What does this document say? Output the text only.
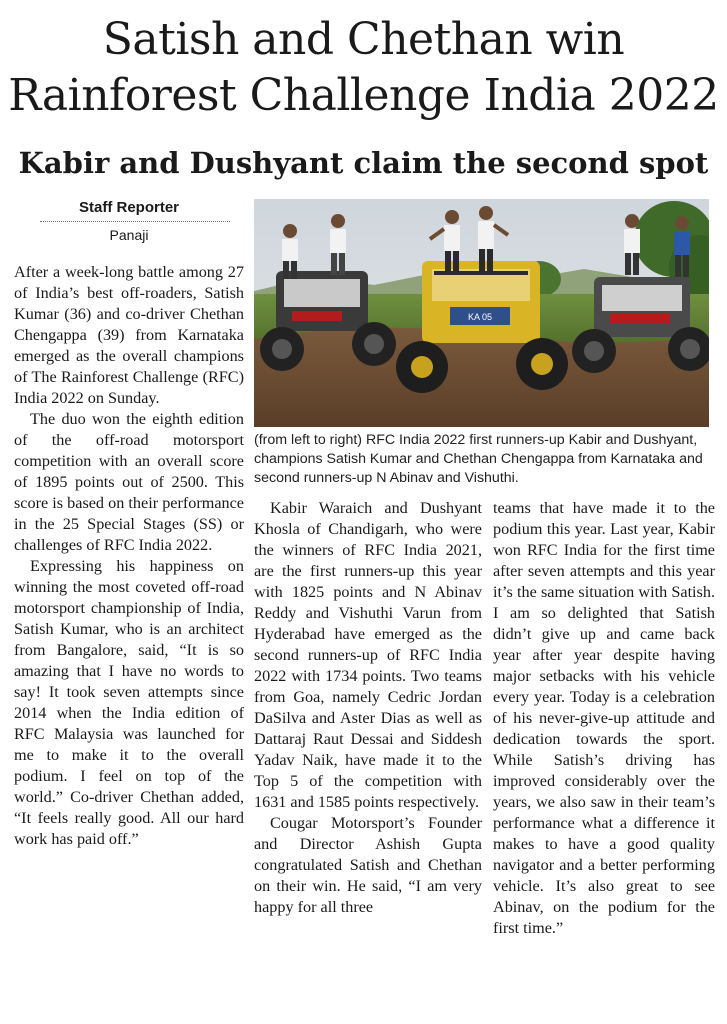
Satish and Chethan win
Rainforest Challenge India 2022
Kabir and Dushyant claim the second spot
Staff Reporter
Panaji
KA 05
(from left to right) RFC India 2022 first runners-up Kabir and Dushyant, champions Satish Kumar and Chethan Chengappa from Karnataka and second runners-up N Abinav and Vishuthi.

After a week-long battle among 27 of India’s best off-roaders, Satish Kumar (36) and co-driver Chethan Chengappa (39) from Karnataka emerged as the overall champions of The Rainforest Challenge (RFC) India 2022 on Sunday.

The duo won the eighth edition of the off-road motorsport competition with an overall score of 1895 points out of 2500. This score is based on their performance in the 25 Special Stages (SS) or challenges of RFC India 2022.

Expressing his happiness on winning the most coveted off-road motorsport championship of India, Satish Kumar, who is an architect from Bangalore, said, “It is so amazing that I have no words to say! It took seven attempts since 2014 when the India edition of RFC Malaysia was launched for me to make it to the overall podium. I feel on top of the world.” Co-driver Chethan added, “It feels really good. All our hard work has paid off.”

Kabir Waraich and Dushyant Khosla of Chandigarh, who were the winners of RFC India 2021, are the first runners-up this year with 1825 points and N Abinav Reddy and Vishuthi Varun from Hyderabad have emerged as the second runners-up of RFC India 2022 with 1734 points. Two teams from Goa, namely Cedric Jordan DaSilva and Aster Dias as well as Dattaraj Raut Dessai and Siddesh Yadav Naik, have made it to the Top 5 of the competition with 1631 and 1585 points respectively.

Cougar Motorsport’s Founder and Director Ashish Gupta congratulated Satish and Chethan on their win. He said, “I am very happy for all three

teams that have made it to the podium this year. Last year, Kabir won RFC India for the first time after seven attempts and this year it’s the same situation with Satish. I am so delighted that Satish didn’t give up and came back year after year despite having major setbacks with his vehicle every year. Today is a celebration of his never-give-up attitude and dedication towards the sport. While Satish’s driving has improved considerably over the years, we also saw in their team’s performance what a difference it makes to have a good quality navigator and a better performing vehicle. It’s also great to see Abinav, on the podium for the first time.”
